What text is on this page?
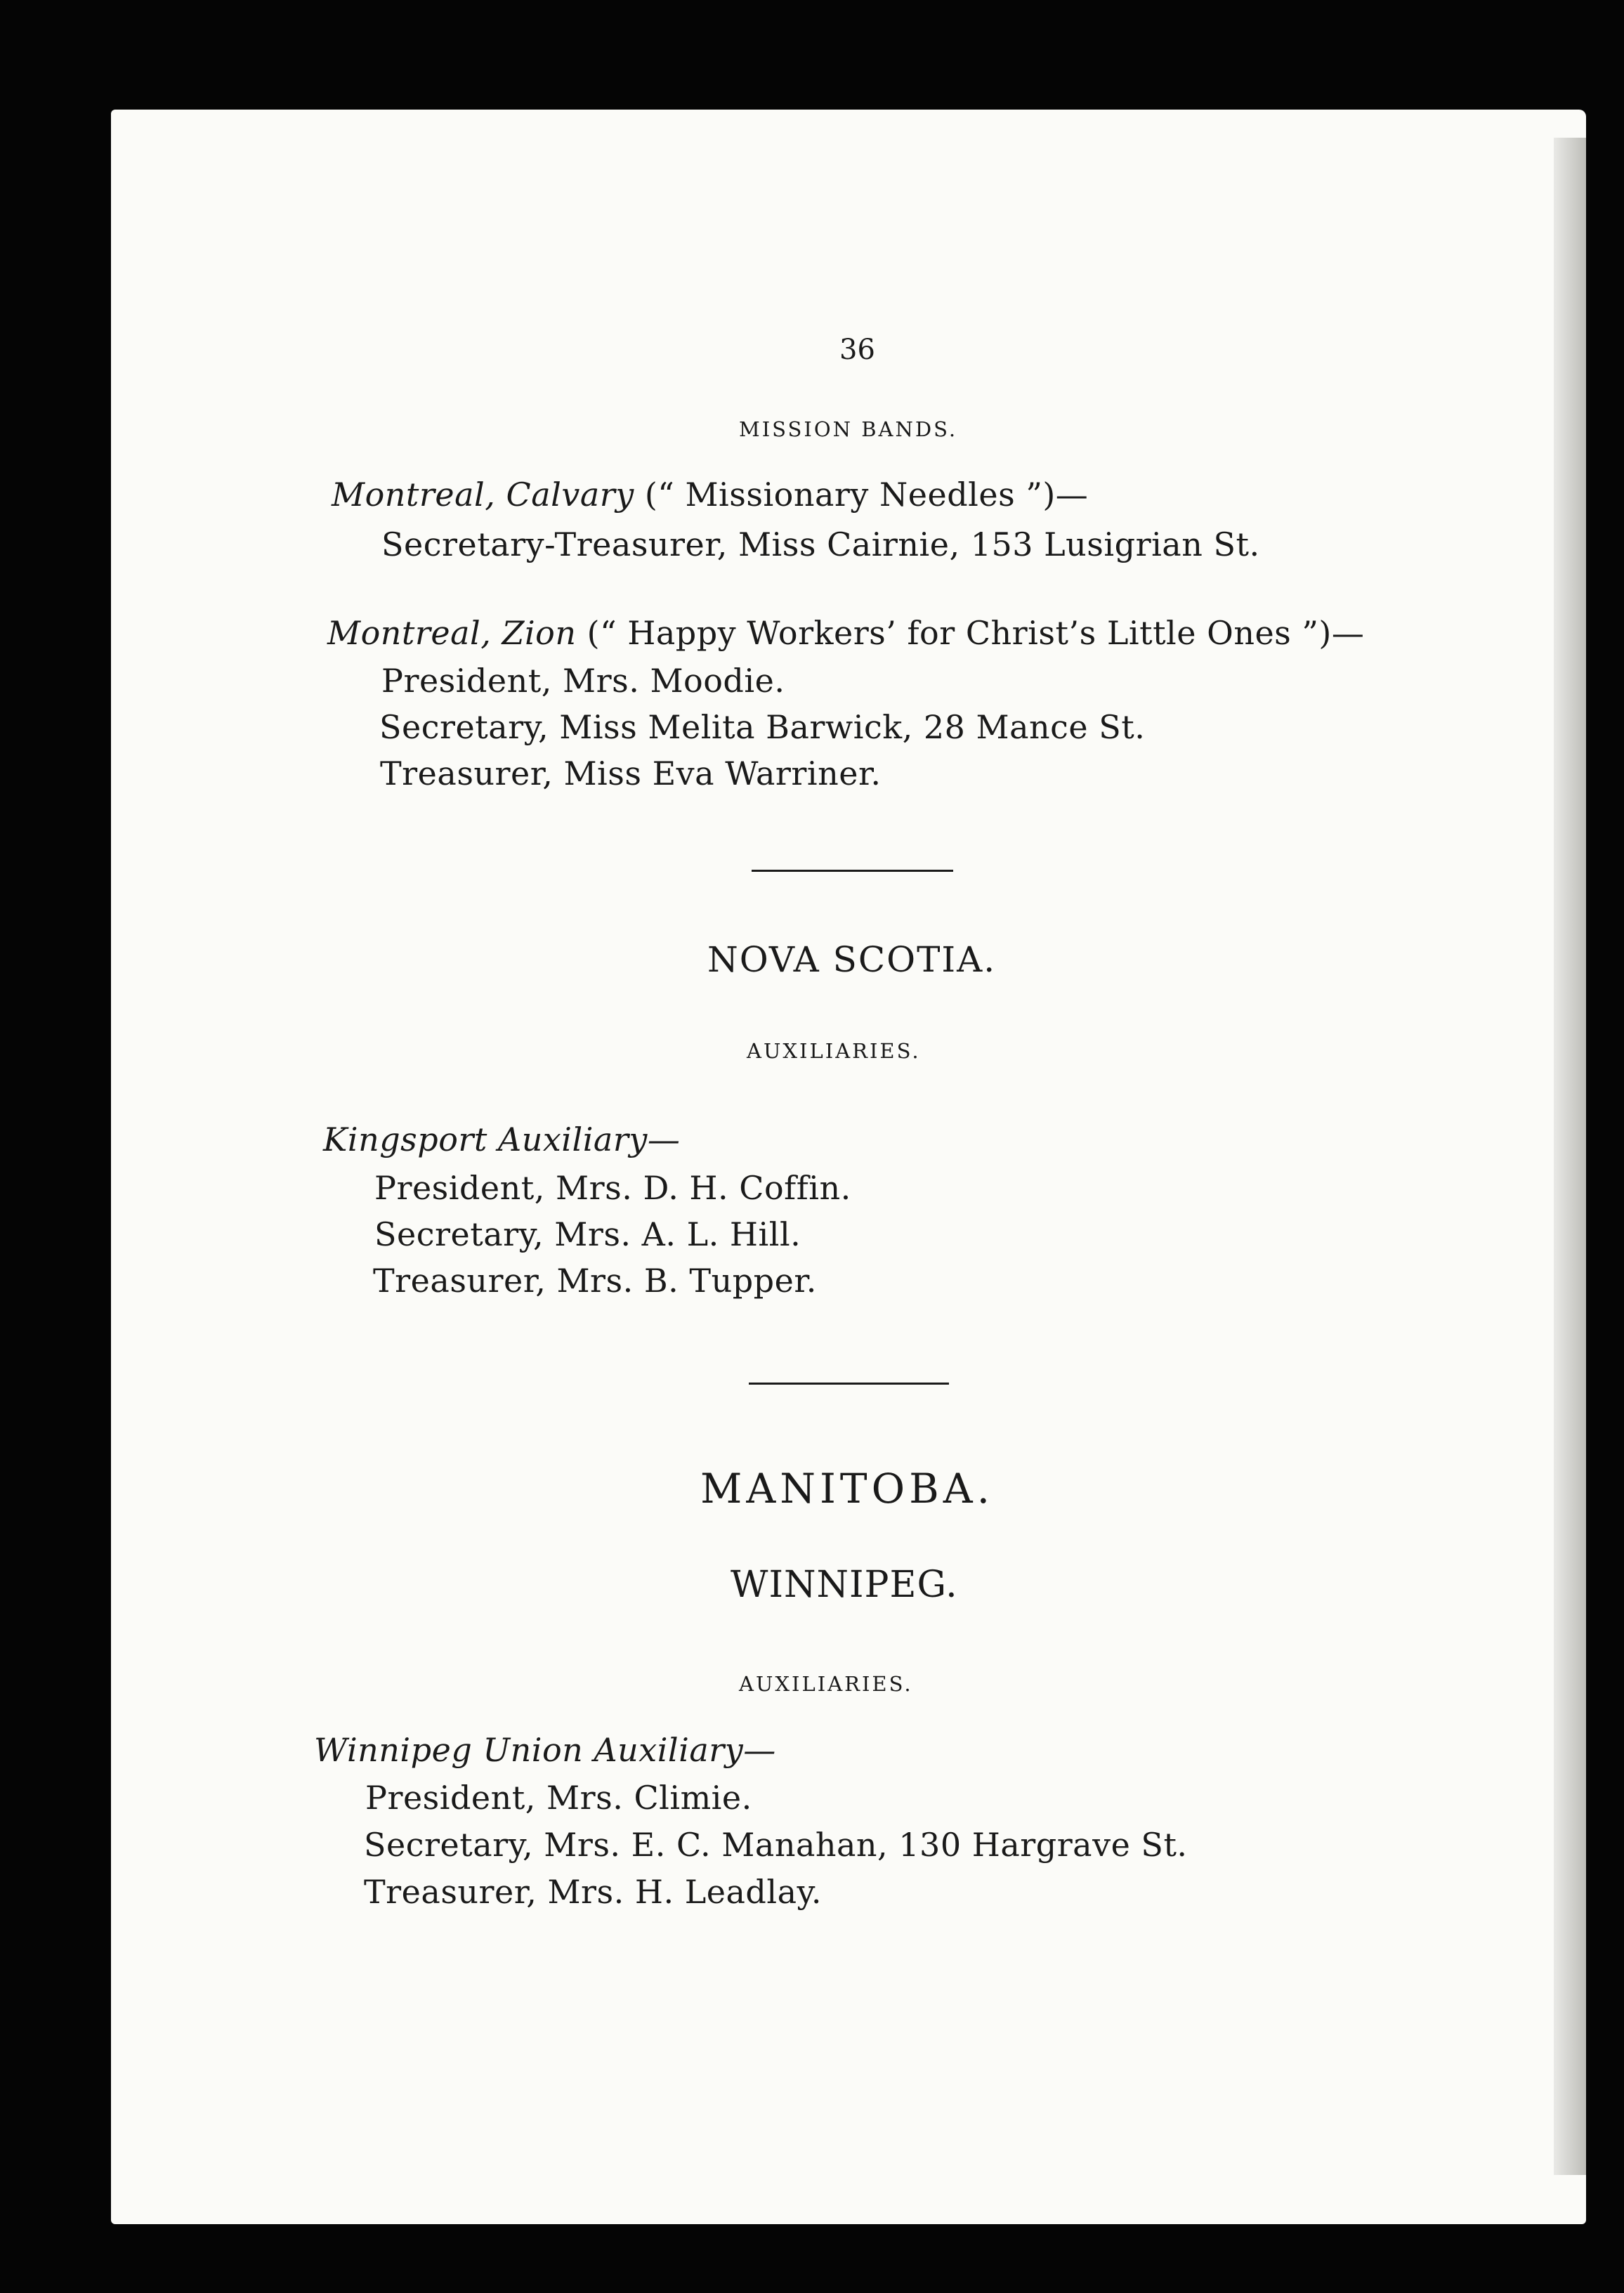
36
MISSION BANDS.
Montreal, Calvary (“ Missionary Needles ”)—
Secretary-Treasurer, Miss Cairnie, 153 Lusigrian St.
Montreal, Zion (“ Happy Workers’ for Christ’s Little Ones ”)—
President, Mrs. Moodie.
Secretary, Miss Melita Barwick, 28 Mance St.
Treasurer, Miss Eva Warriner.
NOVA SCOTIA.
AUXILIARIES.
Kingsport Auxiliary—
President, Mrs. D. H. Coffin.
Secretary, Mrs. A. L. Hill.
Treasurer, Mrs. B. Tupper.
MANITOBA.
WINNIPEG.
AUXILIARIES.
Winnipeg Union Auxiliary—
President, Mrs. Climie.
Secretary, Mrs. E. C. Manahan, 130 Hargrave St.
Treasurer, Mrs. H. Leadlay.
